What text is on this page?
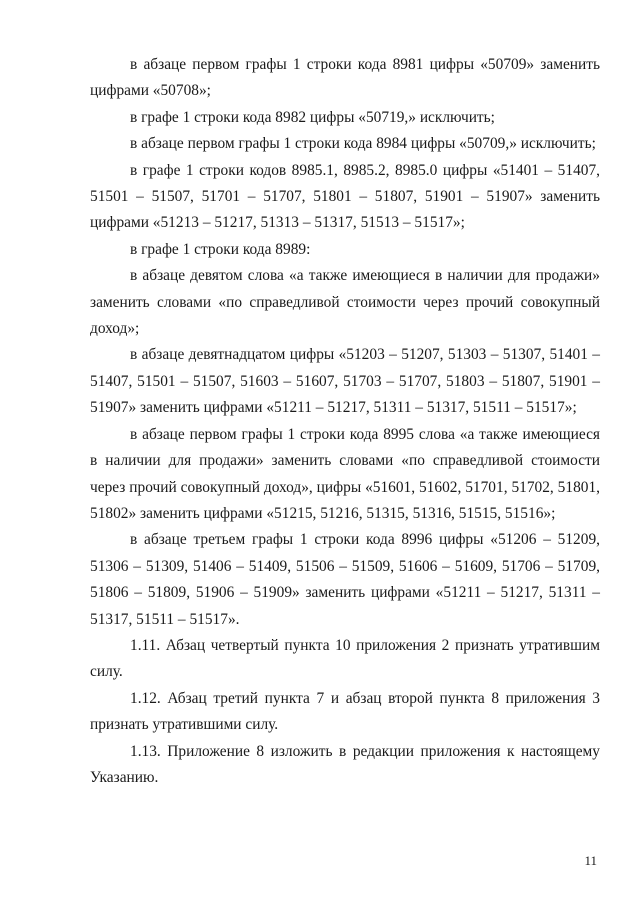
в абзаце первом графы 1 строки кода 8981 цифры «50709» заменить цифрами «50708»;

в графе 1 строки кода 8982 цифры «50719,» исключить;

в абзаце первом графы 1 строки кода 8984 цифры «50709,» исключить;

в графе 1 строки кодов 8985.1, 8985.2, 8985.0 цифры «51401 – 51407, 51501 – 51507, 51701 – 51707, 51801 – 51807, 51901 – 51907» заменить цифрами «51213 – 51217, 51313 – 51317, 51513 – 51517»;

в графе 1 строки кода 8989:

в абзаце девятом слова «а также имеющиеся в наличии для продажи» заменить словами «по справедливой стоимости через прочий совокупный доход»;

в абзаце девятнадцатом цифры «51203 – 51207, 51303 – 51307, 51401 – 51407, 51501 – 51507, 51603 – 51607, 51703 – 51707, 51803 – 51807, 51901 – 51907» заменить цифрами «51211 – 51217, 51311 – 51317, 51511 – 51517»;

в абзаце первом графы 1 строки кода 8995 слова «а также имеющиеся в наличии для продажи» заменить словами «по справедливой стоимости через прочий совокупный доход», цифры «51601, 51602, 51701, 51702, 51801, 51802» заменить цифрами «51215, 51216, 51315, 51316, 51515, 51516»;

в абзаце третьем графы 1 строки кода 8996 цифры «51206 – 51209, 51306 – 51309, 51406 – 51409, 51506 – 51509, 51606 – 51609, 51706 – 51709, 51806 – 51809, 51906 – 51909» заменить цифрами «51211 – 51217, 51311 – 51317, 51511 – 51517».

1.11. Абзац четвертый пункта 10 приложения 2 признать утратившим силу.

1.12. Абзац третий пункта 7 и абзац второй пункта 8 приложения 3 признать утратившими силу.

1.13. Приложение 8 изложить в редакции приложения к настоящему Указанию.

11
